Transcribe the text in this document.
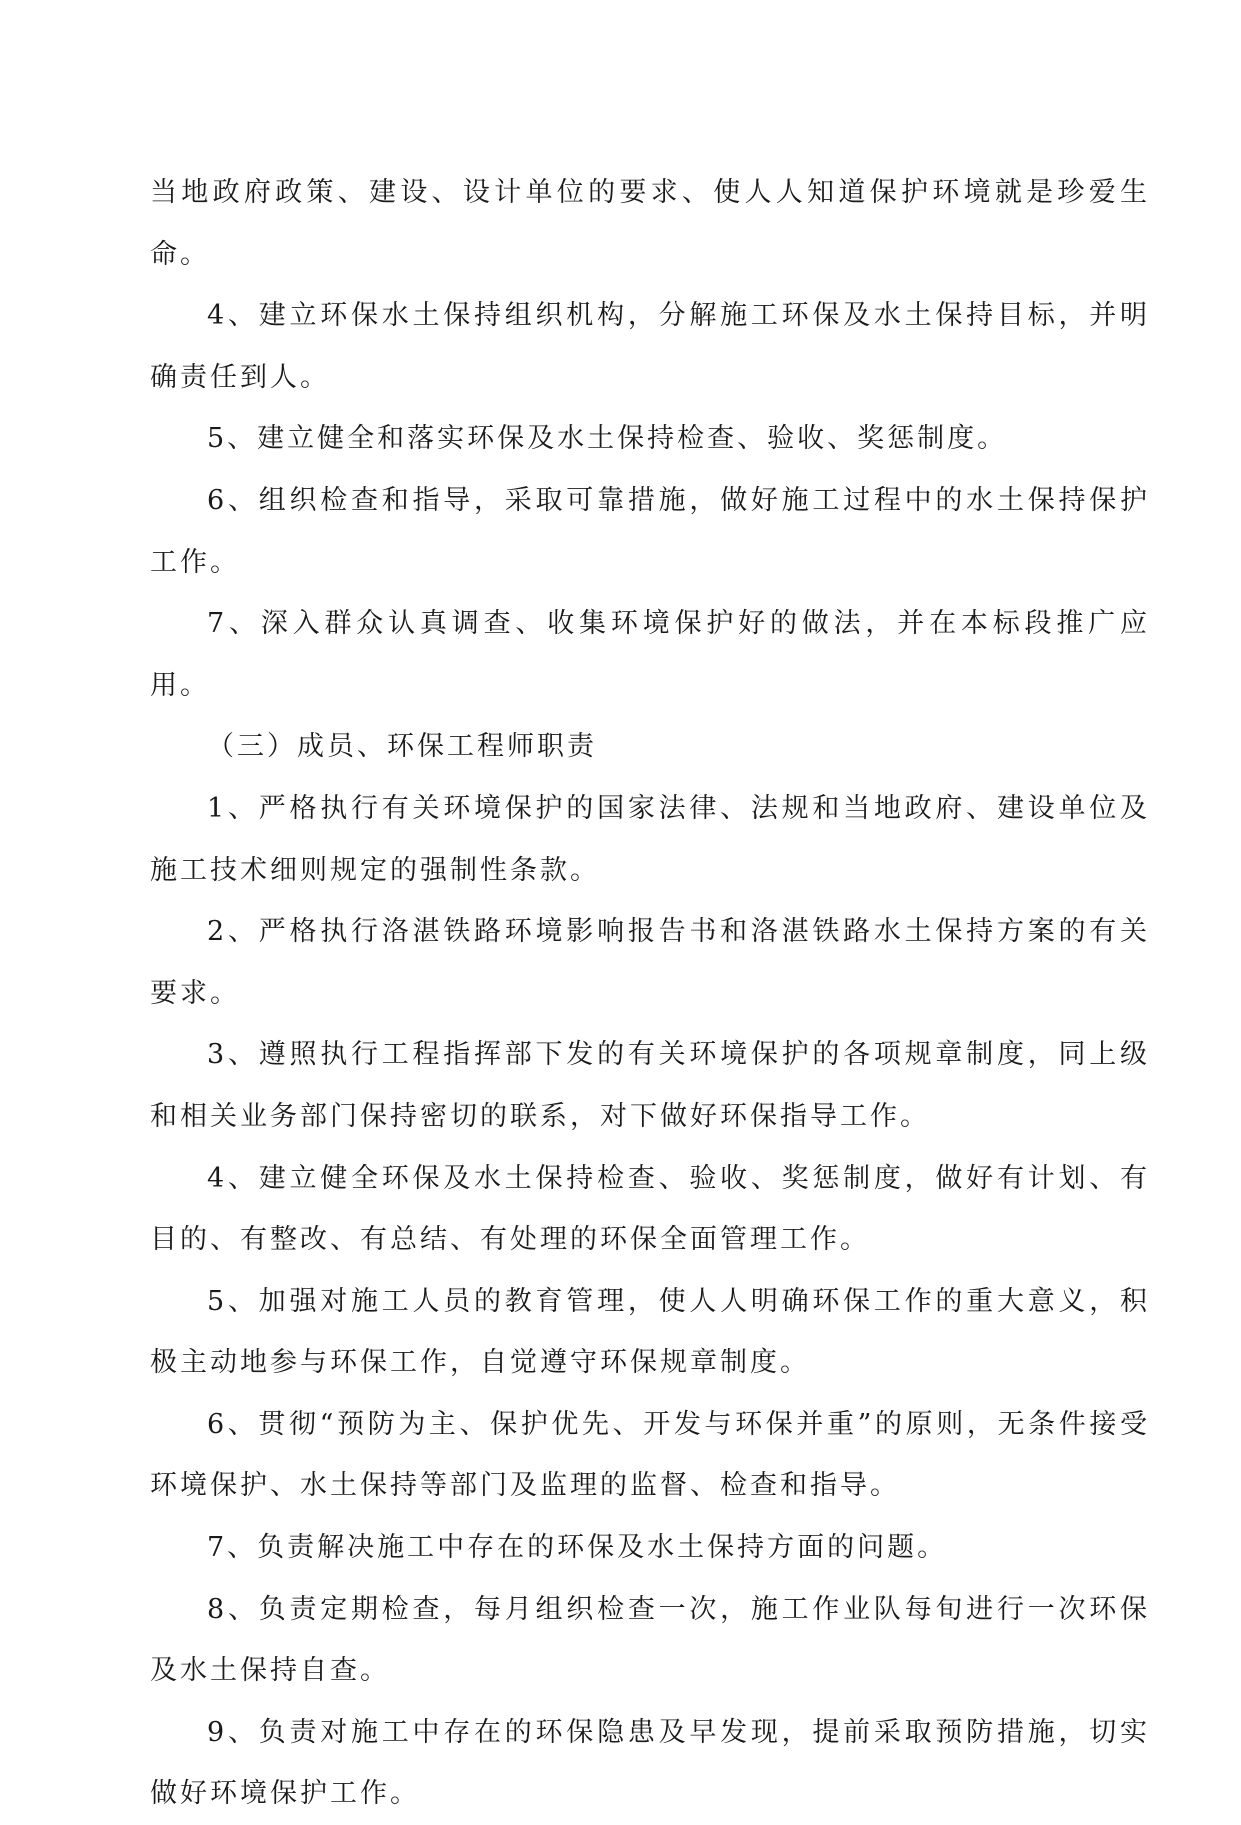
当地政府政策、建设、设计单位的要求、使人人知道保护环境就是珍爱生命。

4、建立环保水土保持组织机构，分解施工环保及水土保持目标，并明确责任到人。

5、建立健全和落实环保及水土保持检查、验收、奖惩制度。

6、组织检查和指导，采取可靠措施，做好施工过程中的水土保持保护工作。

7、深入群众认真调查、收集环境保护好的做法，并在本标段推广应用。

（三）成员、环保工程师职责

1、严格执行有关环境保护的国家法律、法规和当地政府、建设单位及施工技术细则规定的强制性条款。

2、严格执行洛湛铁路环境影响报告书和洛湛铁路水土保持方案的有关要求。

3、遵照执行工程指挥部下发的有关环境保护的各项规章制度，同上级和相关业务部门保持密切的联系，对下做好环保指导工作。

4、建立健全环保及水土保持检查、验收、奖惩制度，做好有计划、有目的、有整改、有总结、有处理的环保全面管理工作。

5、加强对施工人员的教育管理，使人人明确环保工作的重大意义，积极主动地参与环保工作，自觉遵守环保规章制度。

6、贯彻“预防为主、保护优先、开发与环保并重”的原则，无条件接受环境保护、水土保持等部门及监理的监督、检查和指导。

7、负责解决施工中存在的环保及水土保持方面的问题。

8、负责定期检查，每月组织检查一次，施工作业队每旬进行一次环保及水土保持自查。

9、负责对施工中存在的环保隐患及早发现，提前采取预防措施，切实做好环境保护工作。
